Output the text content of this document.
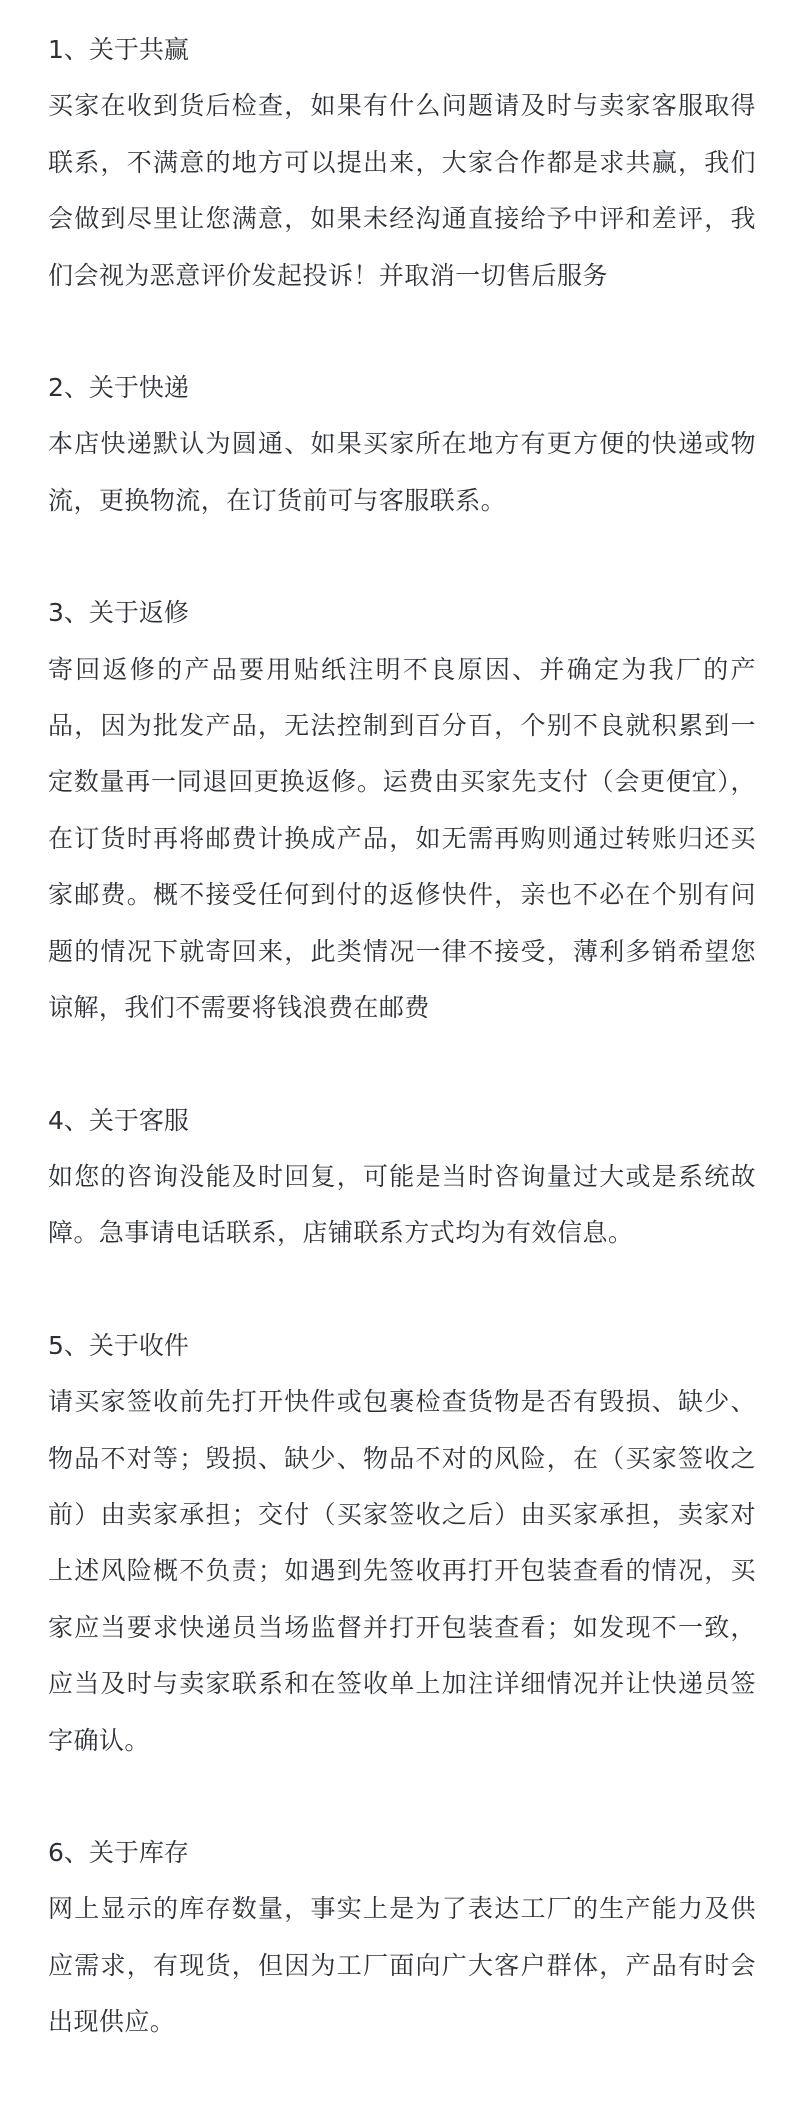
1、关于共赢

买家在收到货后检查，如果有什么问题请及时与卖家客服取得联系，不满意的地方可以提出来，大家合作都是求共赢，我们会做到尽里让您满意，如果未经沟通直接给予中评和差评，我们会视为恶意评价发起投诉！并取消一切售后服务

2、关于快递

本店快递默认为圆通、如果买家所在地方有更方便的快递或物流，更换物流，在订货前可与客服联系。

3、关于返修

寄回返修的产品要用贴纸注明不良原因、并确定为我厂的产品，因为批发产品，无法控制到百分百，个别不良就积累到一定数量再一同退回更换返修。运费由买家先支付（会更便宜），在订货时再将邮费计换成产品，如无需再购则通过转账归还买家邮费。概不接受任何到付的返修快件，亲也不必在个别有问题的情况下就寄回来，此类情况一律不接受，薄利多销希望您谅解，我们不需要将钱浪费在邮费

4、关于客服

如您的咨询没能及时回复，可能是当时咨询量过大或是系统故障。急事请电话联系，店铺联系方式均为有效信息。

5、关于收件

请买家签收前先打开快件或包裹检查货物是否有毁损、缺少、物品不对等；毁损、缺少、物品不对的风险，在（买家签收之前）由卖家承担；交付（买家签收之后）由买家承担，卖家对上述风险概不负责；如遇到先签收再打开包装查看的情况，买家应当要求快递员当场监督并打开包装查看；如发现不一致，应当及时与卖家联系和在签收单上加注详细情况并让快递员签字确认。

6、关于库存

网上显示的库存数量，事实上是为了表达工厂的生产能力及供应需求，有现货，但因为工厂面向广大客户群体，产品有时会出现供应。
